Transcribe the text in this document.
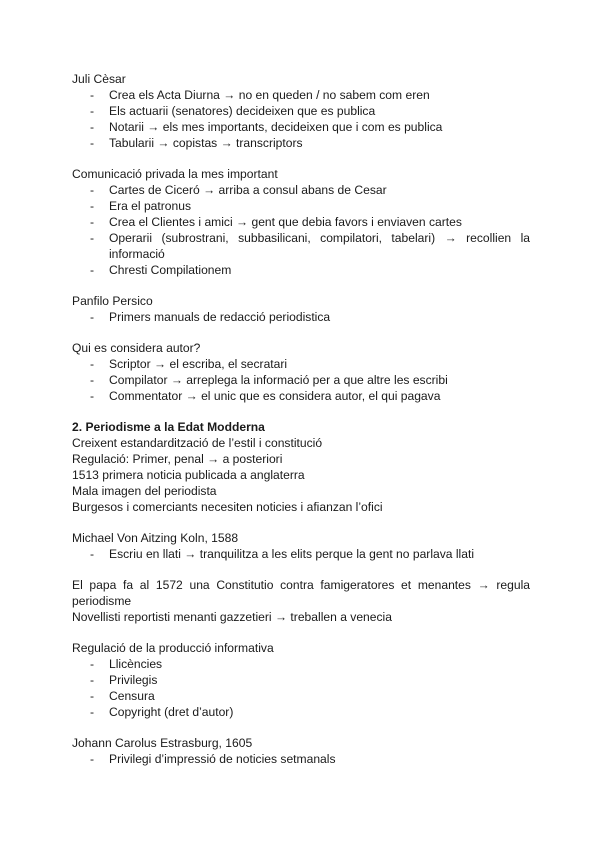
Juli Cèsar
- Crea els Acta Diurna → no en queden / no sabem com eren
- Els actuarii (senatores) decideixen que es publica
- Notarii → els mes importants, decideixen que i com es publica
- Tabularii → copistas → transcriptors
Comunicació privada la mes important
- Cartes de Ciceró → arriba a consul abans de Cesar
- Era el patronus
- Crea el Clientes i amici → gent que debia favors i enviaven cartes
- Operarii (subrostrani, subbasilicani, compilatori, tabelari) → recollien la
informació
- Chresti Compilationem
Panfilo Persico
- Primers manuals de redacció periodistica
Qui es considera autor?
- Scriptor → el escriba, el secratari
- Compilator → arreplega la informació per a que altre les escribi
- Commentator → el unic que es considera autor, el qui pagava
2. Periodisme a la Edat Modderna
Creixent estandardització de l’estil i constitució
Regulació: Primer, penal → a posteriori
1513 primera noticia publicada a anglaterra
Mala imagen del periodista
Burgesos i comerciants necesiten noticies i afianzan l’ofici
Michael Von Aitzing Koln, 1588
- Escriu en llati → tranquilitza a les elits perque la gent no parlava llati
El papa fa al 1572 una Constitutio contra famigeratores et menantes → regula
periodisme
Novellisti reportisti menanti gazzetieri → treballen a venecia
Regulació de la producció informativa
- Llicències
- Privilegis
- Censura
- Copyright (dret d’autor)
Johann Carolus Estrasburg, 1605
- Privilegi d’impressió de noticies setmanals
